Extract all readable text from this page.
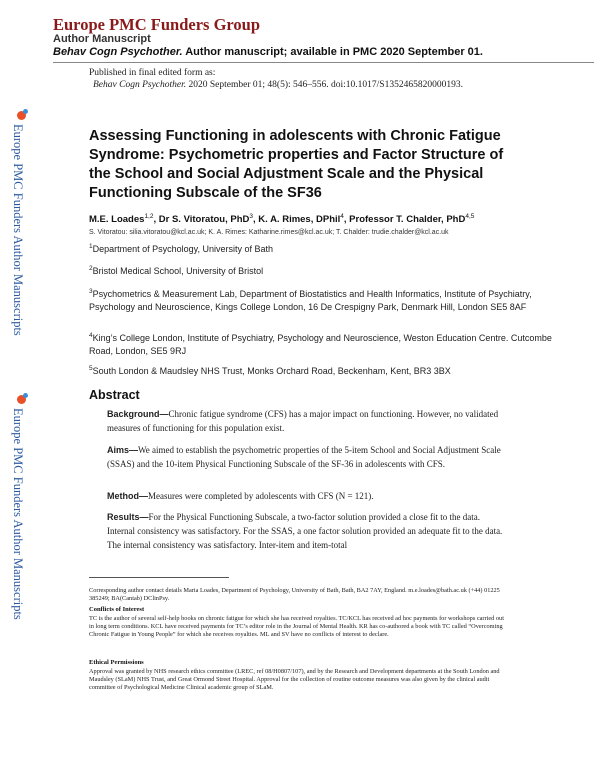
Europe PMC Funders Group
Author Manuscript
Behav Cogn Psychother. Author manuscript; available in PMC 2020 September 01.
Europe PMC Funders Author Manuscripts
Europe PMC Funders Author Manuscripts
Published in final edited form as:
Behav Cogn Psychother. 2020 September 01; 48(5): 546–556. doi:10.1017/S1352465820000193.
Assessing Functioning in adolescents with Chronic Fatigue Syndrome: Psychometric properties and Factor Structure of the School and Social Adjustment Scale and the Physical Functioning Subscale of the SF36
M.E. Loades$^{1,2}$, Dr S. Vitoratou, PhD$^3$, K. A. Rimes, DPhil$^4$, Professor T. Chalder, PhD$^{4,5}$
S. Vitoratou: silia.vitoratou@kcl.ac.uk; K. A. Rimes: Katharine.rimes@kcl.ac.uk; T. Chalder: trudie.chalder@kcl.ac.uk
$^1$Department of Psychology, University of Bath
$^2$Bristol Medical School, University of Bristol
$^3$Psychometrics & Measurement Lab, Department of Biostatistics and Health Informatics, Institute of Psychiatry, Psychology and Neuroscience, Kings College London, 16 De Crespigny Park, Denmark Hill, London SE5 8AF
$^4$King’s College London, Institute of Psychiatry, Psychology and Neuroscience, Weston Education Centre. Cutcombe Road, London, SE5 9RJ
$^5$South London & Maudsley NHS Trust, Monks Orchard Road, Beckenham, Kent, BR3 3BX
Abstract
Background—Chronic fatigue syndrome (CFS) has a major impact on functioning. However, no validated measures of functioning for this population exist.
Aims—We aimed to establish the psychometric properties of the 5-item School and Social Adjustment Scale (SSAS) and the 10-item Physical Functioning Subscale of the SF-36 in adolescents with CFS.
Method—Measures were completed by adolescents with CFS (N = 121).
Results—For the Physical Functioning Subscale, a two-factor solution provided a close fit to the data. Internal consistency was satisfactory. For the SSAS, a one factor solution provided an adequate fit to the data. The internal consistency was satisfactory. Inter-item and item-total
Corresponding author contact details Maria Loades, Department of Psychology, University of Bath, Bath, BA2 7AY, England. m.e.loades@bath.ac.uk (+44) 01225 385249; BA(Cantab) DClinPsy.
Conflicts of Interest
TC is the author of several self-help books on chronic fatigue for which she has received royalties. TC/KCL has received ad hoc payments for workshops carried out in long term conditions. KCL have received payments for TC’s editor role in the Journal of Mental Health. KR has co-authored a book with TC called “Overcoming Chronic Fatigue in Young People” for which she receives royalties. ML and SV have no conflicts of interest to declare.
Ethical Permissions
Approval was granted by NHS research ethics committee (LREC, ref 08/H0807/107), and by the Research and Development departments at the South London and Maudsley (SLaM) NHS Trust, and Great Ormond Street Hospital. Approval for the collection of routine outcome measures was also given by the clinical audit committee of Psychological Medicine Clinical academic group of SLaM.
